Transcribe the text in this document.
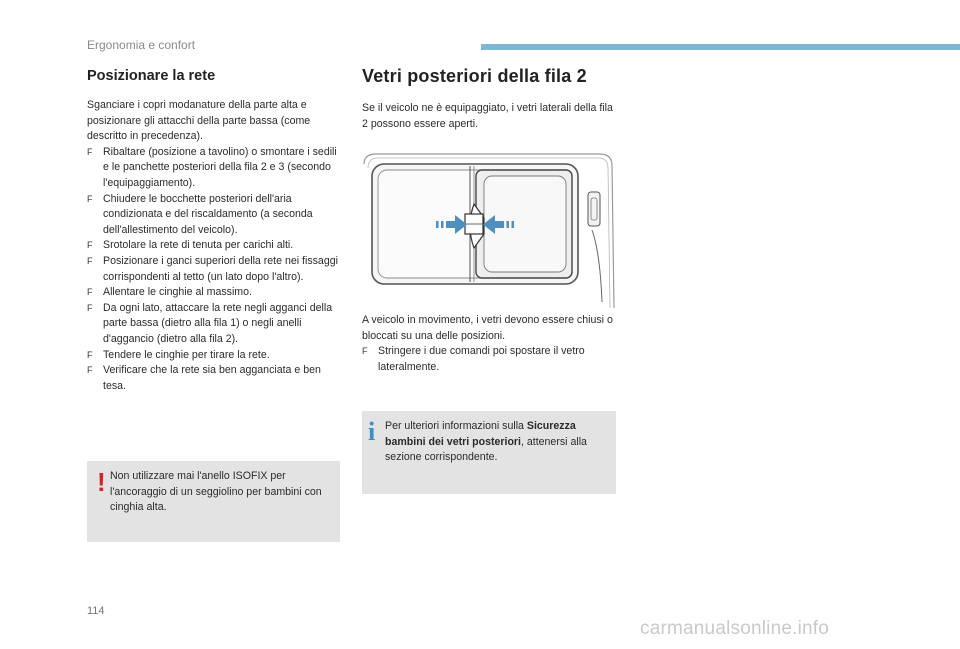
Ergonomia e confort
Posizionare la rete

Sganciare i copri modanature della parte alta e posizionare gli attacchi della parte bassa (come descritto in precedenza).

F Ribaltare (posizione a tavolino) o smontare i sedili e le panchette posteriori della fila 2 e 3 (secondo l'equipaggiamento).
F Chiudere le bocchette posteriori dell'aria condizionata e del riscaldamento (a seconda dell'allestimento del veicolo).
F Srotolare la rete di tenuta per carichi alti.
F Posizionare i ganci superiori della rete nei fissaggi corrispondenti al tetto (un lato dopo l'altro).
F Allentare le cinghie al massimo.
F Da ogni lato, attaccare la rete negli agganci della parte bassa (dietro alla fila 1) o negli anelli d'aggancio (dietro alla fila 2).
F Tendere le cinghie per tirare la rete.
F Verificare che la rete sia ben agganciata e ben tesa.
! Non utilizzare mai l'anello ISOFIX per l'ancoraggio di un seggiolino per bambini con cinghia alta.
Vetri posteriori della fila 2

Se il veicolo ne è equipaggiato, i vetri laterali della fila 2 possono essere aperti.

A veicolo in movimento, i vetri devono essere chiusi o bloccati su una delle posizioni.

F Stringere i due comandi poi spostare il vetro lateralmente.
i Per ulteriori informazioni sulla Sicurezza bambini dei vetri posteriori, attenersi alla sezione corrispondente.
114
carmanualsonline.info
